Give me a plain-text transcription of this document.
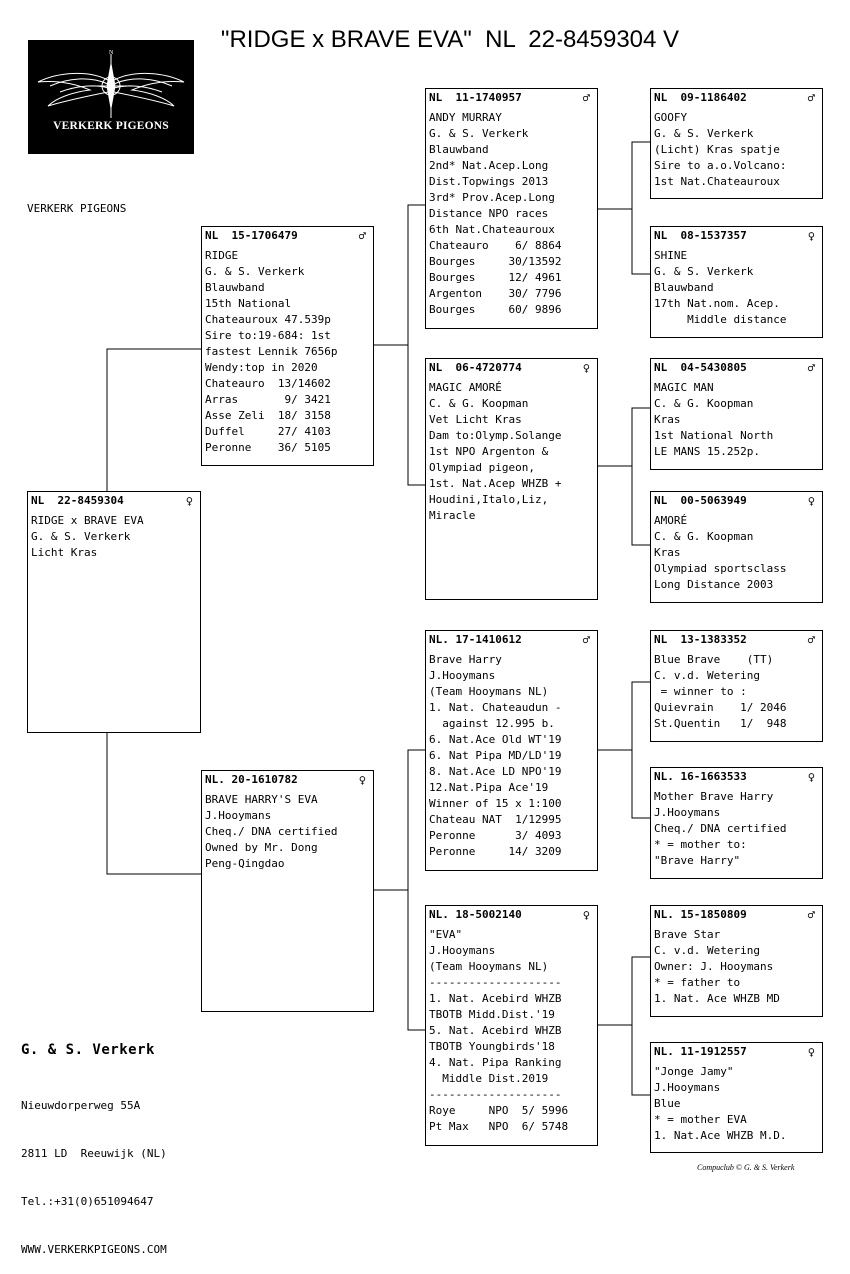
"RIDGE x BRAVE EVA"  NL  22-8459304 V
N
VERKERK PIGEONS
VERKERK PIGEONS
NL  22-8459304	♀
RIDGE x BRAVE EVA
G. & S. Verkerk
Licht Kras
NL  15-1706479	♂
RIDGE
G. & S. Verkerk
Blauwband
15th National
Chateauroux 47.539p
Sire to:19-684: 1st
fastest Lennik 7656p
Wendy:top in 2020
Chateauro  13/14602
Arras       9/ 3421
Asse Zeli  18/ 3158
Duffel     27/ 4103
Peronne    36/ 5105
NL. 20-1610782	♀
BRAVE HARRY'S EVA
J.Hooymans
Cheq./ DNA certified
Owned by Mr. Dong
Peng-Qingdao
NL  11-1740957	♂
ANDY MURRAY
G. & S. Verkerk
Blauwband
2nd* Nat.Acep.Long
Dist.Topwings 2013
3rd* Prov.Acep.Long
Distance NPO races
6th Nat.Chateauroux
Chateauro    6/ 8864
Bourges     30/13592
Bourges     12/ 4961
Argenton    30/ 7796
Bourges     60/ 9896
NL  06-4720774	♀
MAGIC AMORÉ
C. & G. Koopman
Vet Licht Kras
Dam to:Olymp.Solange
1st NPO Argenton &
Olympiad pigeon,
1st. Nat.Acep WHZB +
Houdini,Italo,Liz,
Miracle
NL. 17-1410612	♂
Brave Harry
J.Hooymans
(Team Hooymans NL)
1. Nat. Chateaudun -
against 12.995 b.
6. Nat.Ace Old WT'19
6. Nat Pipa MD/LD'19
8. Nat.Ace LD NPO'19
12.Nat.Pipa Ace'19
Winner of 15 x 1:100
Chateau NAT  1/12995
Peronne      3/ 4093
Peronne     14/ 3209
NL. 18-5002140	♀
"EVA"
J.Hooymans
(Team Hooymans NL)
--------------------
1. Nat. Acebird WHZB
TBOTB Midd.Dist.'19
5. Nat. Acebird WHZB
TBOTB Youngbirds'18
4. Nat. Pipa Ranking
Middle Dist.2019
--------------------
Roye     NPO  5/ 5996
Pt Max   NPO  6/ 5748
NL  09-1186402	♂
GOOFY
G. & S. Verkerk
(Licht) Kras spatje
Sire to a.o.Volcano:
1st Nat.Chateauroux
NL  08-1537357	♀
SHINE
G. & S. Verkerk
Blauwband
17th Nat.nom. Acep.
Middle distance
NL  04-5430805	♂
MAGIC MAN
C. & G. Koopman
Kras
1st National North
LE MANS 15.252p.
NL  00-5063949	♀
AMORÉ
C. & G. Koopman
Kras
Olympiad sportsclass
Long Distance 2003
NL  13-1383352	♂
Blue Brave    (TT)
C. v.d. Wetering
= winner to :
Quievrain    1/ 2046
St.Quentin   1/  948
NL. 16-1663533	♀
Mother Brave Harry
J.Hooymans
Cheq./ DNA certified
* = mother to:
"Brave Harry"
NL. 15-1850809	♂
Brave Star
C. v.d. Wetering
Owner: J. Hooymans
* = father to
1. Nat. Ace WHZB MD
NL. 11-1912557	♀
"Jonge Jamy"
J.Hooymans
Blue
* = mother EVA
1. Nat.Ace WHZB M.D.
G. & S. Verkerk

Nieuwdorperweg 55A

2811 LD  Reeuwijk (NL)

Tel.:+31(0)651094647

WWW.VERKERKPIGEONS.COM

Compuclub © G. & S. Verkerk
